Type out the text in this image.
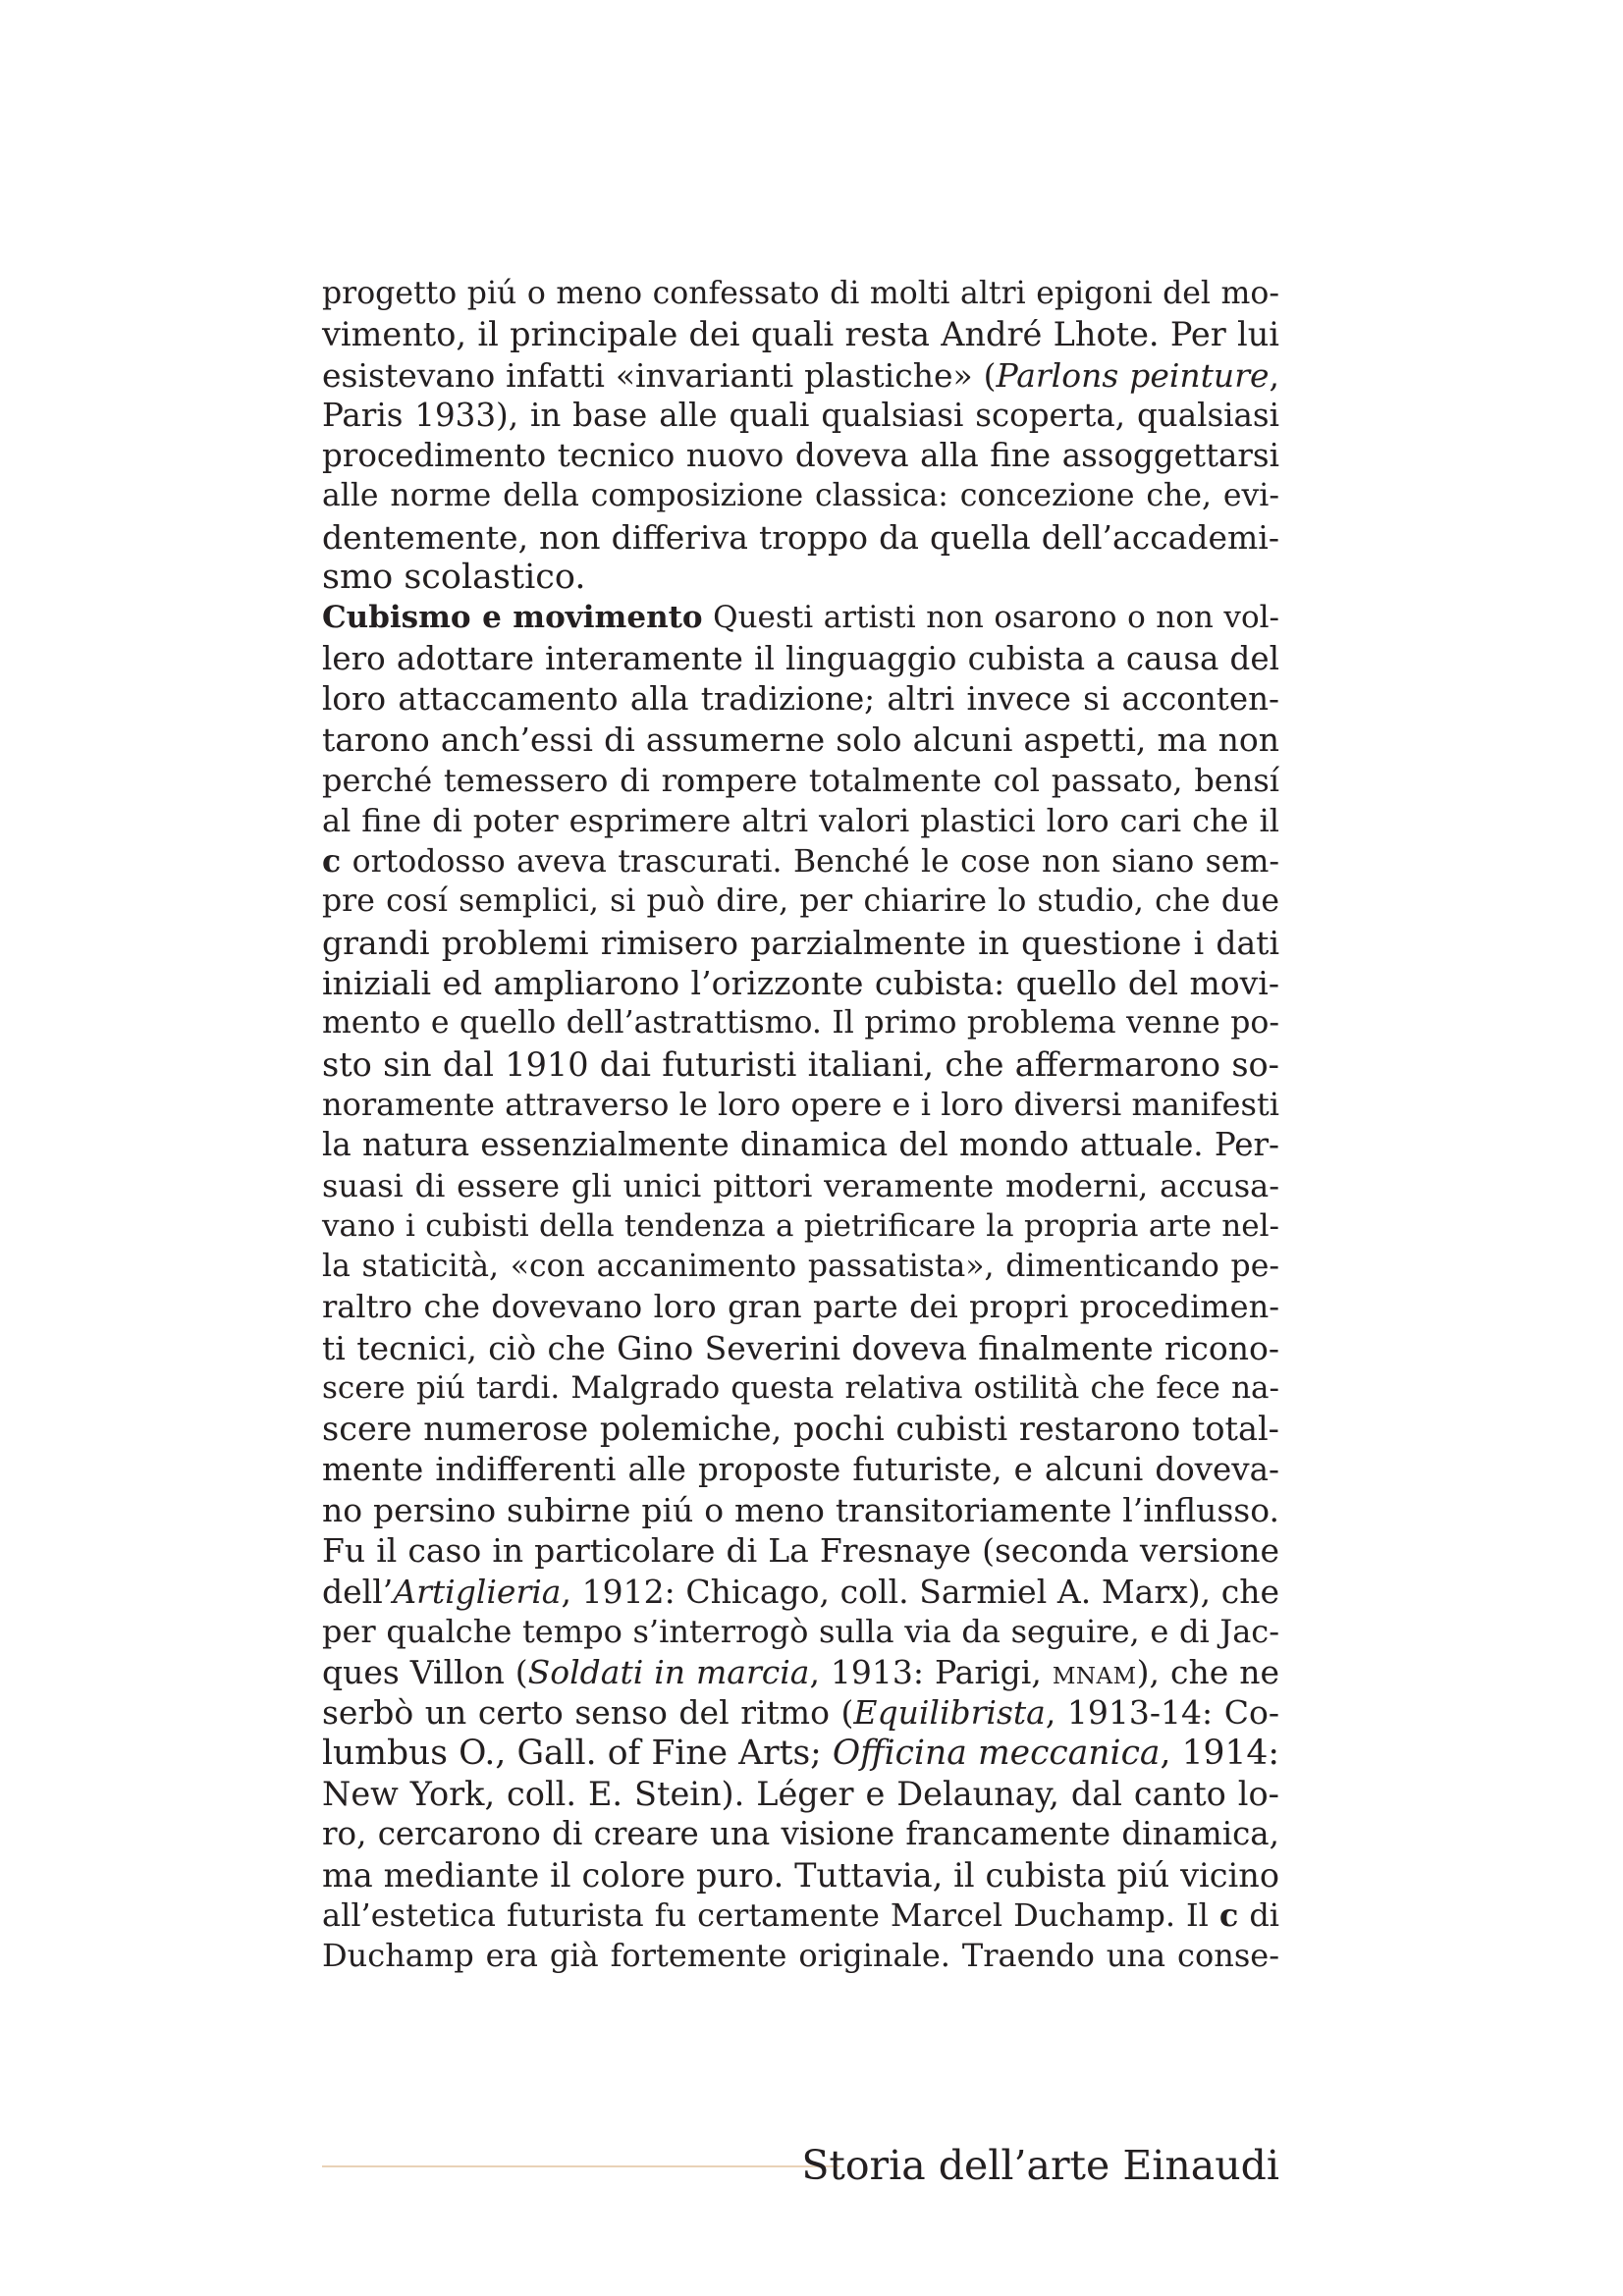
progetto piú o meno confessato di molti altri epigoni del mo-
vimento, il principale dei quali resta André Lhote. Per lui
esistevano infatti «invarianti plastiche» (Parlons peinture,
Paris 1933), in base alle quali qualsiasi scoperta, qualsiasi
procedimento tecnico nuovo doveva alla fine assoggettarsi
alle norme della composizione classica: concezione che, evi-
dentemente, non differiva troppo da quella dell’accademi-
smo scolastico.
Cubismo e movimento Questi artisti non osarono o non vol-
lero adottare interamente il linguaggio cubista a causa del
loro attaccamento alla tradizione; altri invece si acconten-
tarono anch’essi di assumerne solo alcuni aspetti, ma non
perché temessero di rompere totalmente col passato, bensí
al fine di poter esprimere altri valori plastici loro cari che il
c ortodosso aveva trascurati. Benché le cose non siano sem-
pre cosí semplici, si può dire, per chiarire lo studio, che due
grandi problemi rimisero parzialmente in questione i dati
iniziali ed ampliarono l’orizzonte cubista: quello del movi-
mento e quello dell’astrattismo. Il primo problema venne po-
sto sin dal 1910 dai futuristi italiani, che affermarono so-
noramente attraverso le loro opere e i loro diversi manifesti
la natura essenzialmente dinamica del mondo attuale. Per-
suasi di essere gli unici pittori veramente moderni, accusa-
vano i cubisti della tendenza a pietrificare la propria arte nel-
la staticità, «con accanimento passatista», dimenticando pe-
raltro che dovevano loro gran parte dei propri procedimen-
ti tecnici, ciò che Gino Severini doveva finalmente ricono-
scere piú tardi. Malgrado questa relativa ostilità che fece na-
scere numerose polemiche, pochi cubisti restarono total-
mente indifferenti alle proposte futuriste, e alcuni doveva-
no persino subirne piú o meno transitoriamente l’influsso.
Fu il caso in particolare di La Fresnaye (seconda versione
dell’Artiglieria, 1912: Chicago, coll. Sarmiel A. Marx), che
per qualche tempo s’interrogò sulla via da seguire, e di Jac-
ques Villon (Soldati in marcia, 1913: Parigi, mnam), che ne
serbò un certo senso del ritmo (Equilibrista, 1913-14: Co-
lumbus O., Gall. of Fine Arts; Officina meccanica, 1914:
New York, coll. E. Stein). Léger e Delaunay, dal canto lo-
ro, cercarono di creare una visione francamente dinamica,
ma mediante il colore puro. Tuttavia, il cubista piú vicino
all’estetica futurista fu certamente Marcel Duchamp. Il c di
Duchamp era già fortemente originale. Traendo una conse-
Storia dell’arte Einaudi
